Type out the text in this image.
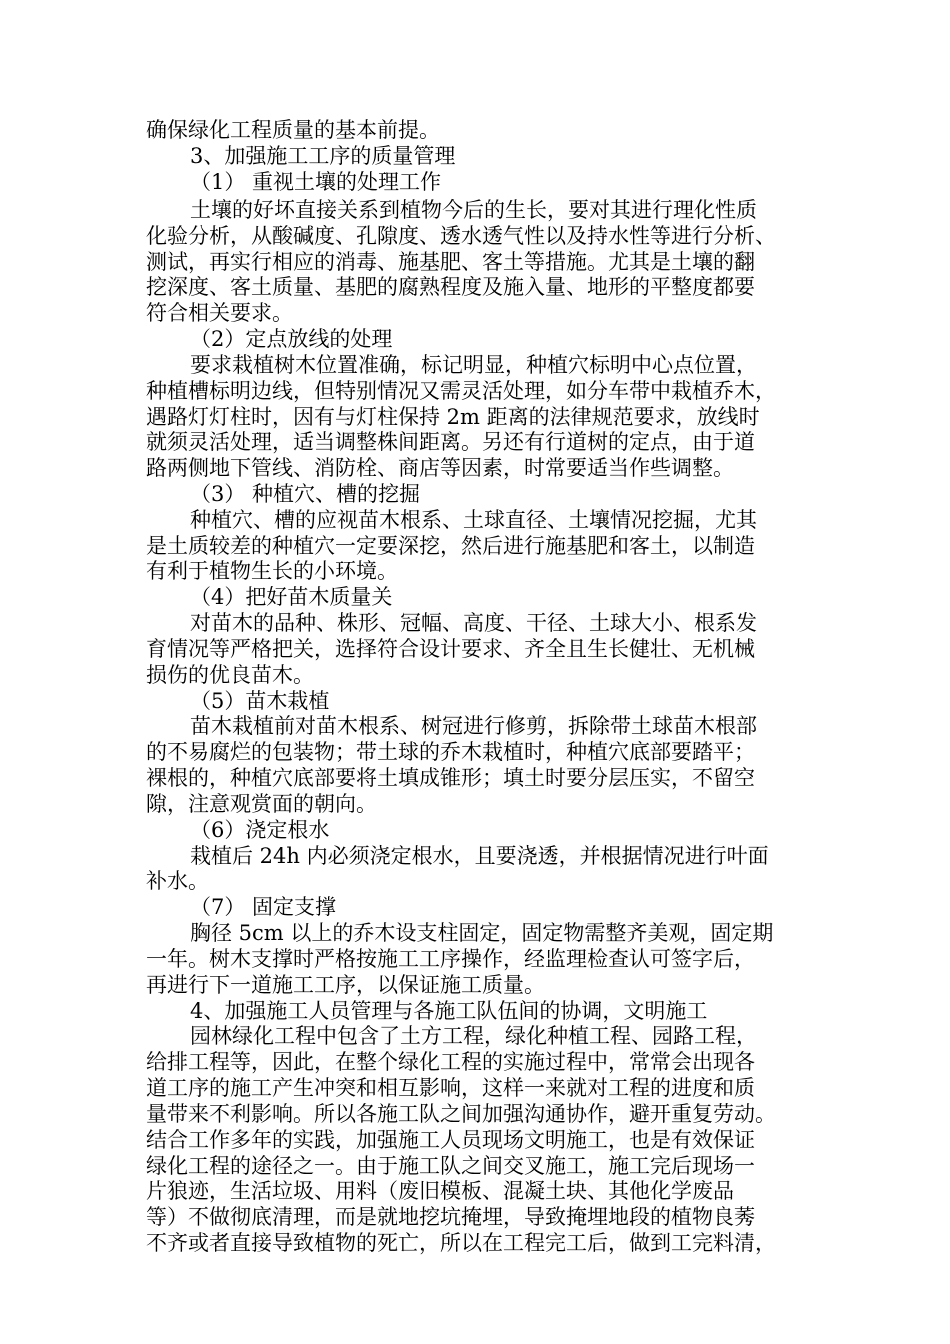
确保绿化工程质量的基本前提。
3、加强施工工序的质量管理
（1） 重视土壤的处理工作
土壤的好坏直接关系到植物今后的生长，要对其进行理化性质
化验分析，从酸碱度、孔隙度、透水透气性以及持水性等进行分析、
测试，再实行相应的消毒、施基肥、客土等措施。尤其是土壤的翻
挖深度、客土质量、基肥的腐熟程度及施入量、地形的平整度都要
符合相关要求。
（2）定点放线的处理
要求栽植树木位置准确，标记明显，种植穴标明中心点位置，
种植槽标明边线，但特别情况又需灵活处理，如分车带中栽植乔木，
遇路灯灯柱时，因有与灯柱保持 2m 距离的法律规范要求，放线时
就须灵活处理，适当调整株间距离。另还有行道树的定点，由于道
路两侧地下管线、消防栓、商店等因素，时常要适当作些调整。
（3） 种植穴、槽的挖掘
种植穴、槽的应视苗木根系、土球直径、土壤情况挖掘，尤其
是土质较差的种植穴一定要深挖，然后进行施基肥和客土，以制造
有利于植物生长的小环境。
（4）把好苗木质量关
对苗木的品种、株形、冠幅、高度、干径、土球大小、根系发
育情况等严格把关，选择符合设计要求、齐全且生长健壮、无机械
损伤的优良苗木。
（5）苗木栽植
苗木栽植前对苗木根系、树冠进行修剪，拆除带土球苗木根部
的不易腐烂的包装物；带土球的乔木栽植时，种植穴底部要踏平；
裸根的，种植穴底部要将土填成锥形；填土时要分层压实，不留空
隙，注意观赏面的朝向。
（6）浇定根水
栽植后 24h 内必须浇定根水，且要浇透，并根据情况进行叶面
补水。
（7） 固定支撑
胸径 5cm 以上的乔木设支柱固定，固定物需整齐美观，固定期
一年。树木支撑时严格按施工工序操作，经监理检查认可签字后，
再进行下一道施工工序，以保证施工质量。
4、加强施工人员管理与各施工队伍间的协调，文明施工
园林绿化工程中包含了土方工程，绿化种植工程、园路工程，
给排工程等，因此，在整个绿化工程的实施过程中，常常会出现各
道工序的施工产生冲突和相互影响，这样一来就对工程的进度和质
量带来不利影响。所以各施工队之间加强沟通协作，避开重复劳动。
结合工作多年的实践，加强施工人员现场文明施工，也是有效保证
绿化工程的途径之一。由于施工队之间交叉施工，施工完后现场一
片狼迹，生活垃圾、用料（废旧模板、混凝土块、其他化学废品
等）不做彻底清理，而是就地挖坑掩埋，导致掩埋地段的植物良莠
不齐或者直接导致植物的死亡，所以在工程完工后，做到工完料清，
